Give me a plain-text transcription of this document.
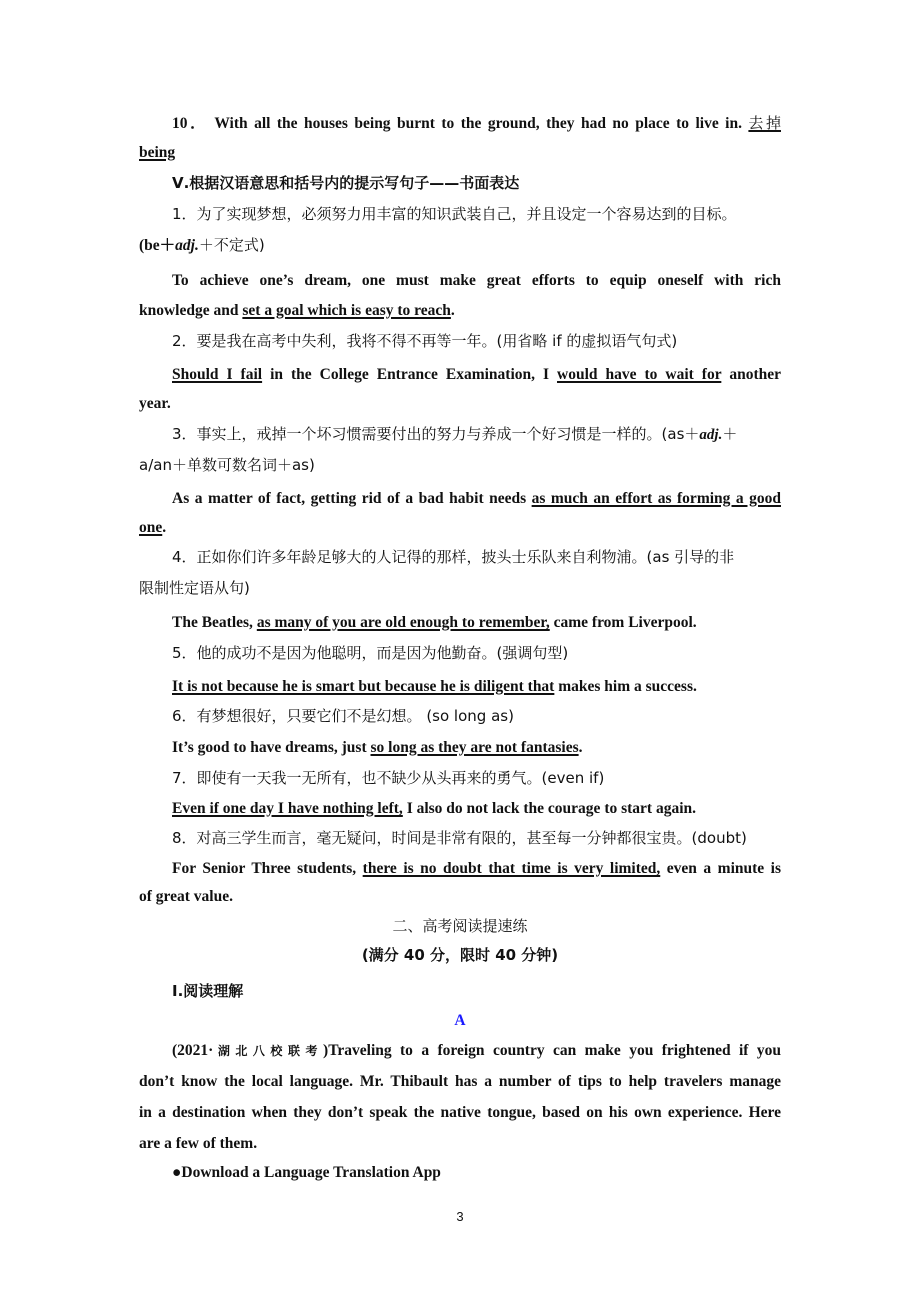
10． With all the houses being burnt to the ground, they had no place to live in. 去掉
being
Ⅴ.根据汉语意思和括号内的提示写句子——书面表达
1．为了实现梦想，必须努力用丰富的知识武装自己，并且设定一个容易达到的目标。
(be＋adj.＋不定式)
To achieve one’s dream, one must make great efforts to equip oneself with rich
knowledge and set a goal which is easy to reach.
2．要是我在高考中失利，我将不得不再等一年。(用省略 if 的虚拟语气句式)
Should I fail in the College Entrance Examination, I would have to wait for another
year.
3．事实上，戒掉一个坏习惯需要付出的努力与养成一个好习惯是一样的。(as＋adj.＋
a/an＋单数可数名词＋as)
As a matter of fact, getting rid of a bad habit needs as much an effort as forming a good
one.
4．正如你们许多年龄足够大的人记得的那样，披头士乐队来自利物浦。(as 引导的非
限制性定语从句)
The Beatles, as many of you are old enough to remember, came from Liverpool.
5．他的成功不是因为他聪明，而是因为他勤奋。(强调句型)
It is not because he is smart but because he is diligent that makes him a success.
6．有梦想很好，只要它们不是幻想。 (so long as)
It’s good to have dreams, just so long as they are not fantasies.
7．即使有一天我一无所有，也不缺少从头再来的勇气。(even if)
Even if one day I have nothing left, I also do not lack the courage to start again.
8．对高三学生而言，毫无疑问，时间是非常有限的，甚至每一分钟都很宝贵。(doubt)
For Senior Three students, there is no doubt that time is very limited, even a minute is
of great value.
二、高考阅读提速练
(满分 40 分，限时 40 分钟)
Ⅰ.阅读理解
A
(2021·湖北八校联考)Traveling to a foreign country can make you frightened if you
don’t know the local language. Mr. Thibault has a number of tips to help travelers manage
in a destination when they don’t speak the native tongue, based on his own experience. Here
are a few of them.
●Download a Language Translation App
3
